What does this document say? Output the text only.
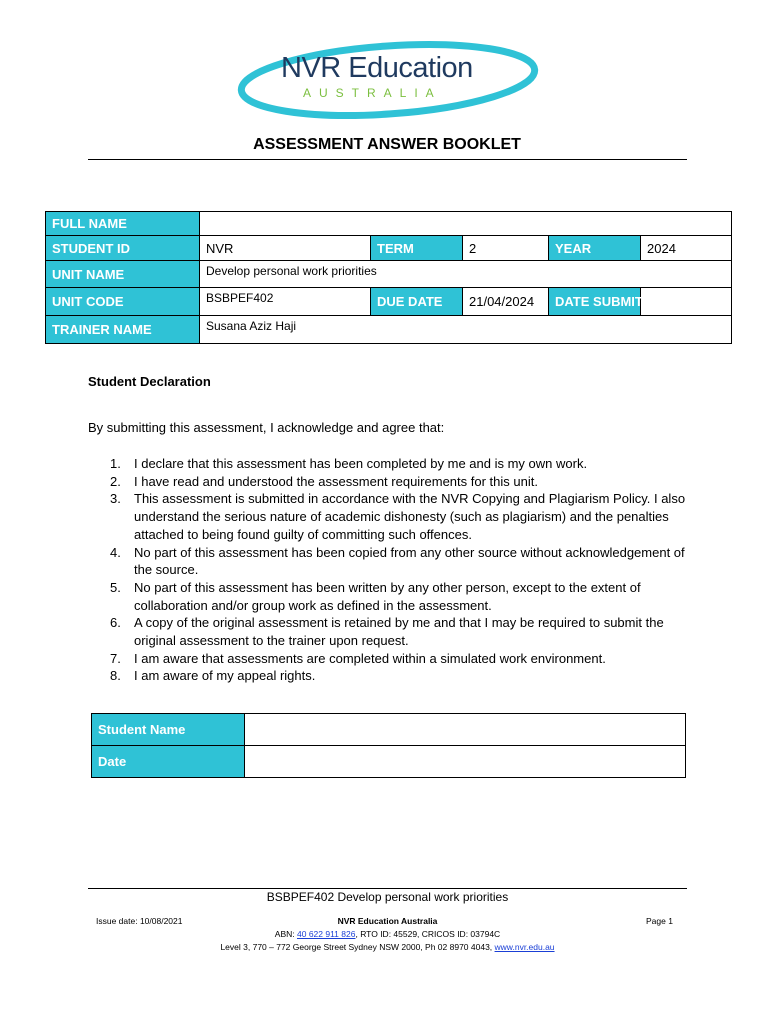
NVR Education
AUSTRALIA
ASSESSMENT ANSWER BOOKLET
FULL NAME					
STUDENT ID	NVR	TERM	2	YEAR	2024
UNIT NAME	Develop personal work priorities				
UNIT CODE	BSBPEF402	DUE DATE	21/04/2024	DATE SUBMITTED	
TRAINER NAME	Susana Aziz Haji				
Student Declaration
By submitting this assessment, I acknowledge and agree that:
1. I declare that this assessment has been completed by me and is my own work.
2. I have read and understood the assessment requirements for this unit.
3. This assessment is submitted in accordance with the NVR Copying and Plagiarism Policy. I also understand the serious nature of academic dishonesty (such as plagiarism) and the penalties attached to being found guilty of committing such offences.
4. No part of this assessment has been copied from any other source without acknowledgement of the source.
5. No part of this assessment has been written by any other person, except to the extent of collaboration and/or group work as defined in the assessment.
6. A copy of the original assessment is retained by me and that I may be required to submit the original assessment to the trainer upon request.
7. I am aware that assessments are completed within a simulated work environment.
8. I am aware of my appeal rights.
Student Name	
Date	
BSBPEF402 Develop personal work priorities
NVR Education Australia
Issue date: 10/08/2021	Page 1
ABN: 40 622 911 826, RTO ID: 45529, CRICOS ID: 03794C
Level 3, 770 – 772 George Street Sydney NSW 2000, Ph 02 8970 4043, www.nvr.edu.au
